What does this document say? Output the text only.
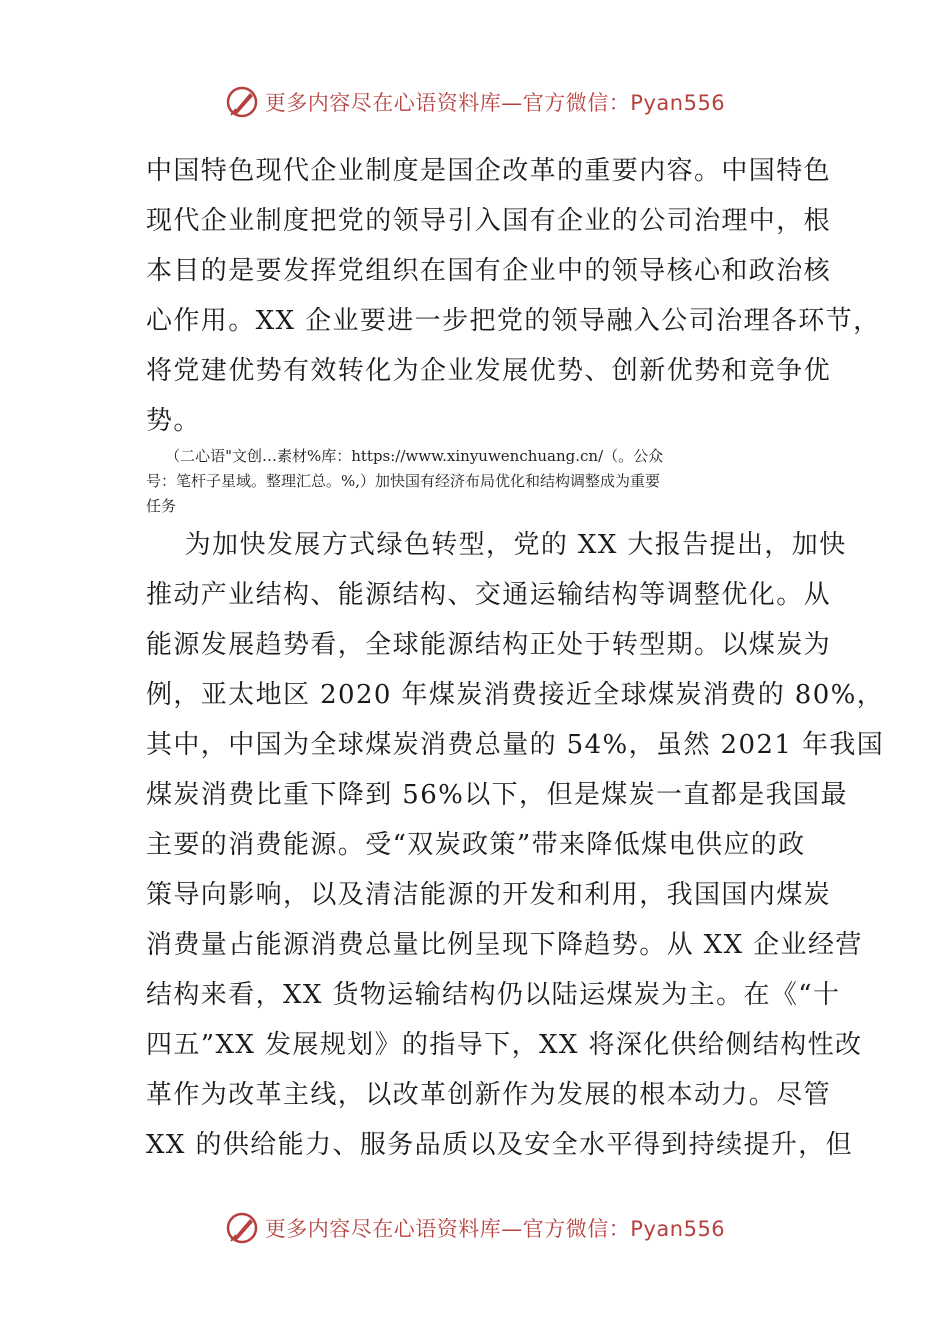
更多内容尽在心语资料库—官方微信：Pyan556

中国特色现代企业制度是国企改革的重要内容。中国特色

现代企业制度把党的领导引入国有企业的公司治理中，根

本目的是要发挥党组织在国有企业中的领导核心和政治核

心作用。XX 企业要进一步把党的领导融入公司治理各环节，

将党建优势有效转化为企业发展优势、创新优势和竞争优

势。

（二心语"文创…素材%库：https://www.xinyuwenchuang.cn/（。公众

号：笔杆子星域。整理汇总。%,）加快国有经济布局优化和结构调整成为重要

任务

为加快发展方式绿色转型，党的 XX 大报告提出，加快

推动产业结构、能源结构、交通运输结构等调整优化。从

能源发展趋势看，全球能源结构正处于转型期。以煤炭为

例，亚太地区 2020 年煤炭消费接近全球煤炭消费的 80%，

其中，中国为全球煤炭消费总量的 54%，虽然 2021 年我国

煤炭消费比重下降到 56%以下，但是煤炭一直都是我国最

主要的消费能源。受“双炭政策”带来降低煤电供应的政

策导向影响，以及清洁能源的开发和利用，我国国内煤炭

消费量占能源消费总量比例呈现下降趋势。从 XX 企业经营

结构来看，XX 货物运输结构仍以陆运煤炭为主。在《“十

四五”XX 发展规划》的指导下，XX 将深化供给侧结构性改

革作为改革主线，以改革创新作为发展的根本动力。尽管

XX 的供给能力、服务品质以及安全水平得到持续提升，但

更多内容尽在心语资料库—官方微信：Pyan556
